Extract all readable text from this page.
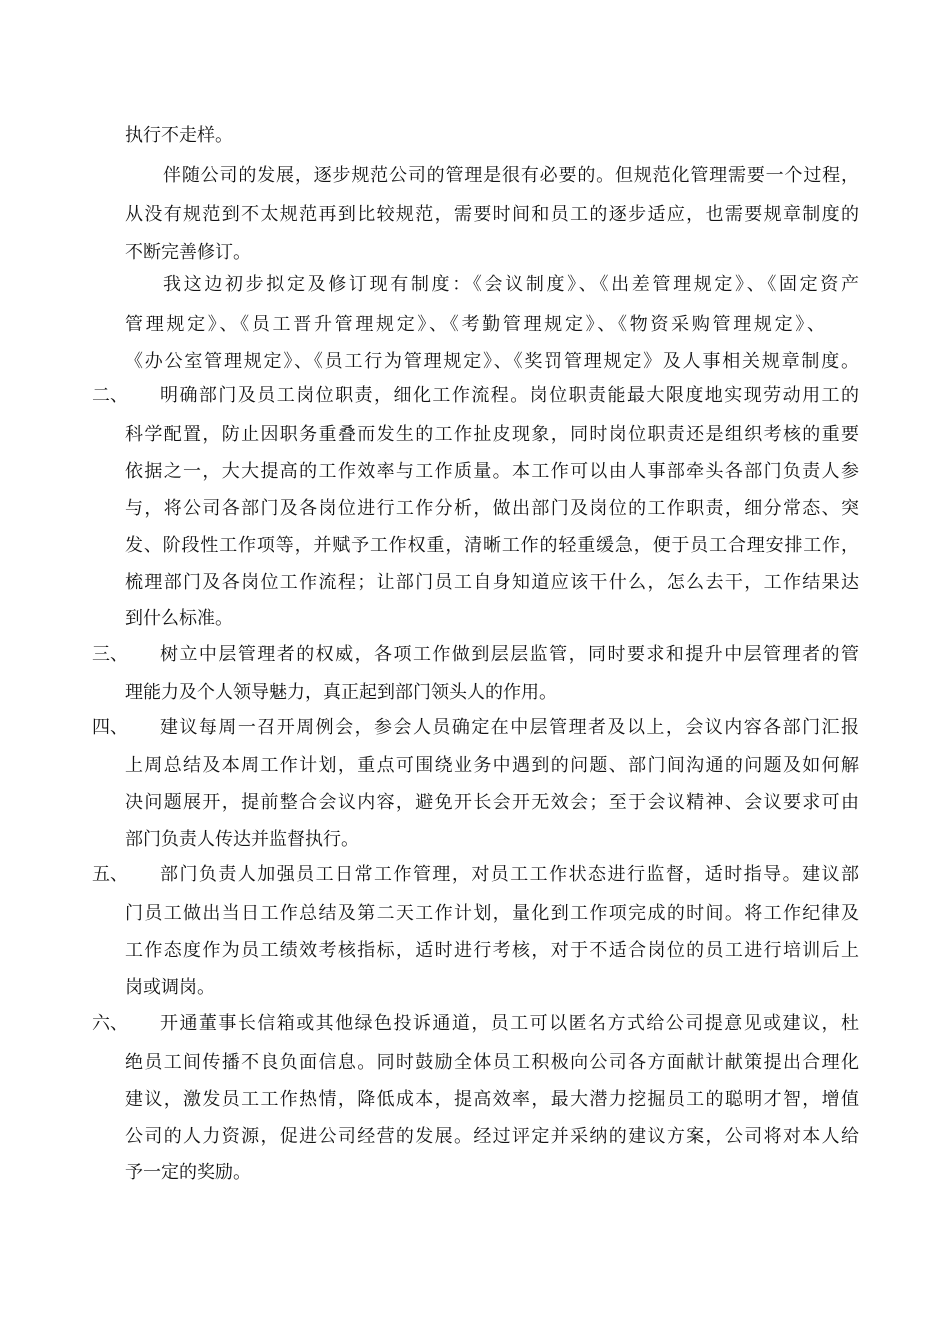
执行不走样。
伴随公司的发展，逐步规范公司的管理是很有必要的。但规范化管理需要一个过程，
从没有规范到不太规范再到比较规范，需要时间和员工的逐步适应，也需要规章制度的
不断完善修订。
我这边初步拟定及修订现有制度：《会议制度》、《出差管理规定》、《固定资产
管理规定》、《员工晋升管理规定》、《考勤管理规定》、《物资采购管理规定》、
《办公室管理规定》、《员工行为管理规定》、《奖罚管理规定》及人事相关规章制度。
二、 明确部门及员工岗位职责，细化工作流程。岗位职责能最大限度地实现劳动用工的
科学配置，防止因职务重叠而发生的工作扯皮现象，同时岗位职责还是组织考核的重要
依据之一，大大提高的工作效率与工作质量。本工作可以由人事部牵头各部门负责人参
与，将公司各部门及各岗位进行工作分析，做出部门及岗位的工作职责，细分常态、突
发、阶段性工作项等，并赋予工作权重，清晰工作的轻重缓急，便于员工合理安排工作，
梳理部门及各岗位工作流程；让部门员工自身知道应该干什么，怎么去干，工作结果达
到什么标准。
三、 树立中层管理者的权威，各项工作做到层层监管，同时要求和提升中层管理者的管
理能力及个人领导魅力，真正起到部门领头人的作用。
四、 建议每周一召开周例会，参会人员确定在中层管理者及以上，会议内容各部门汇报
上周总结及本周工作计划，重点可围绕业务中遇到的问题、部门间沟通的问题及如何解
决问题展开，提前整合会议内容，避免开长会开无效会；至于会议精神、会议要求可由
部门负责人传达并监督执行。
五、 部门负责人加强员工日常工作管理，对员工工作状态进行监督，适时指导。建议部
门员工做出当日工作总结及第二天工作计划，量化到工作项完成的时间。将工作纪律及
工作态度作为员工绩效考核指标，适时进行考核，对于不适合岗位的员工进行培训后上
岗或调岗。
六、 开通董事长信箱或其他绿色投诉通道，员工可以匿名方式给公司提意见或建议，杜
绝员工间传播不良负面信息。同时鼓励全体员工积极向公司各方面献计献策提出合理化
建议，激发员工工作热情，降低成本，提高效率，最大潜力挖掘员工的聪明才智，增值
公司的人力资源，促进公司经营的发展。经过评定并采纳的建议方案，公司将对本人给
予一定的奖励。
